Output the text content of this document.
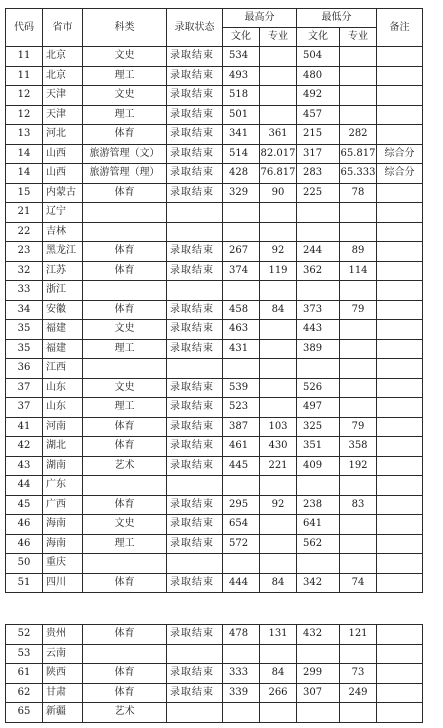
代码	省市	科类	录取状态	最高分		最低分		备注
				文化	专业	文化	专业	
11	北京	文史	录取结束	534		504		
11	北京	理工	录取结束	493		480		
12	天津	文史	录取结束	518		492		
12	天津	理工	录取结束	501		457		
13	河北	体育	录取结束	341	361	215	282	
14	山西	旅游管理（文）	录取结束	514	82.017	317	65.817	综合分
14	山西	旅游管理（理）	录取结束	428	76.817	283	65.333	综合分
15	内蒙古	体育	录取结束	329	90	225	78	
21	辽宁							
22	吉林							
23	黑龙江	体育	录取结束	267	92	244	89	
32	江苏	体育	录取结束	374	119	362	114	
33	浙江							
34	安徽	体育	录取结束	458	84	373	79	
35	福建	文史	录取结束	463		443		
35	福建	理工	录取结束	431		389		
36	江西							
37	山东	文史	录取结束	539		526		
37	山东	理工	录取结束	523		497		
41	河南	体育	录取结束	387	103	325	79	
42	湖北	体育	录取结束	461	430	351	358	
43	湖南	艺术	录取结束	445	221	409	192	
44	广东							
45	广西	体育	录取结束	295	92	238	83	
46	海南	文史	录取结束	654		641		
46	海南	理工	录取结束	572		562		
50	重庆							
51	四川	体育	录取结束	444	84	342	74	
52	贵州	体育	录取结束	478	131	432	121	
53	云南							
61	陕西	体育	录取结束	333	84	299	73	
62	甘肃	体育	录取结束	339	266	307	249	
65	新疆	艺术						
